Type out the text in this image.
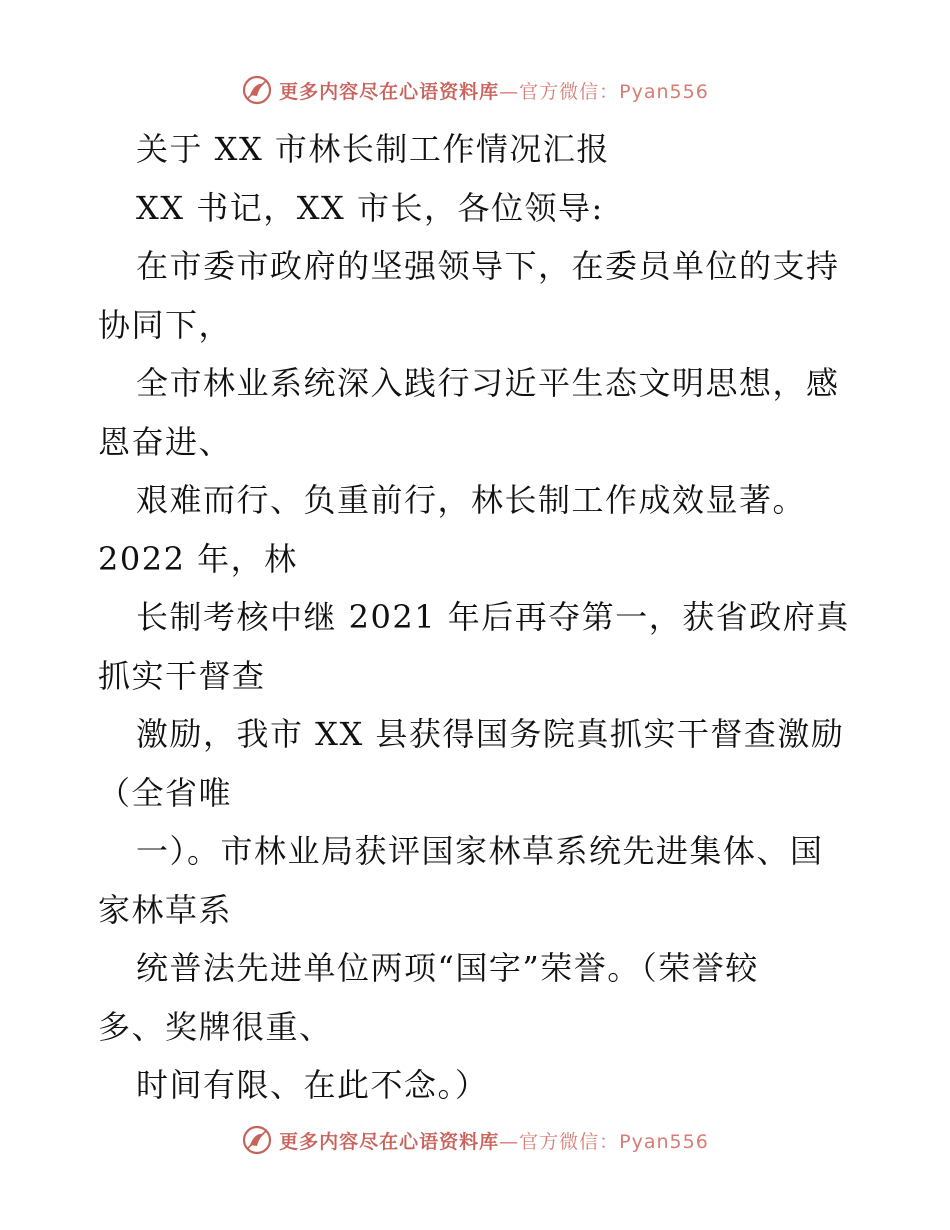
更多内容尽在心语资料库—官方微信：Pyan556
关于 XX 市林长制工作情况汇报
XX 书记，XX 市长，各位领导:
在市委市政府的坚强领导下，在委员单位的支持
协同下，
全市林业系统深入践行习近平生态文明思想，感
恩奋进、
艰难而行、负重前行，林长制工作成效显著。
2022 年，林
长制考核中继 2021 年后再夺第一，获省政府真
抓实干督查
激励，我市 XX 县获得国务院真抓实干督查激励
（全省唯
一）。市林业局获评国家林草系统先进集体、国
家林草系
统普法先进单位两项“国字”荣誉。（荣誉较
多、奖牌很重、
时间有限、在此不念。）
更多内容尽在心语资料库—官方微信：Pyan556
